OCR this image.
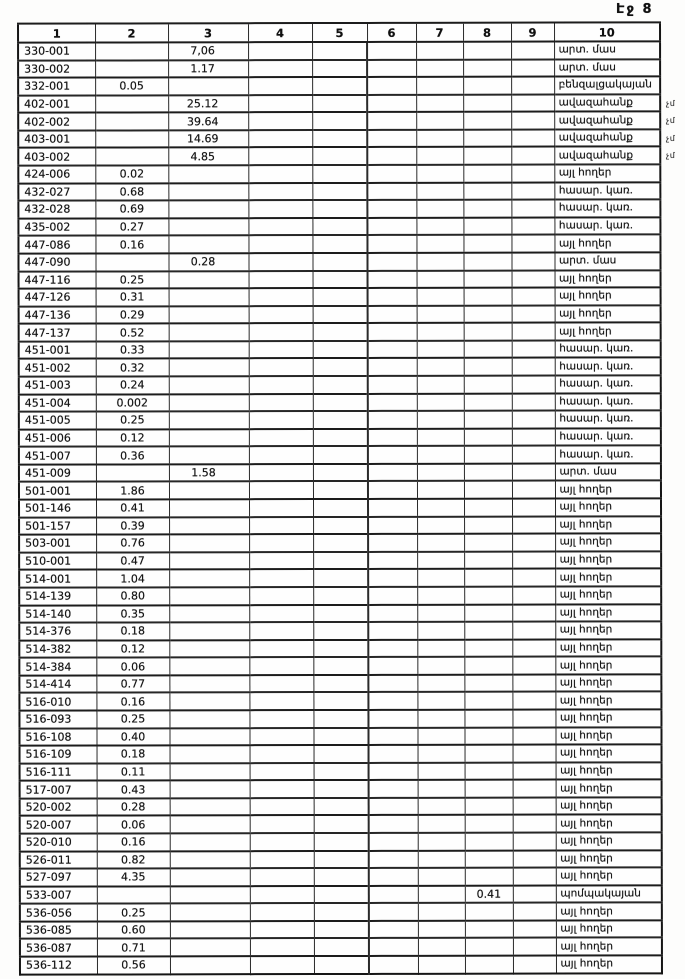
Էջ 8
1	2	3	4	5	6	7	8	9	10
330-001		7,06							արտ. մաս
330-002		1.17							արտ. մաս
332-001	0.05								բենզալցակայան
402-001		25.12							ավազահանք
402-002		39.64							ավազահանք
403-001		14.69							ավազահանք
403-002		4.85							ավազահանք
424-006	0.02								այլ հողեր
432-027	0.68								հասար. կառ.
432-028	0.69								հասար. կառ.
435-002	0.27								հասար. կառ.
447-086	0.16								այլ հողեր
447-090		0.28							արտ. մաս
447-116	0.25								այլ հողեր
447-126	0.31								այլ հողեր
447-136	0.29								այլ հողեր
447-137	0.52								այլ հողեր
451-001	0.33								հասար. կառ.
451-002	0.32								հասար. կառ.
451-003	0.24								հասար. կառ.
451-004	0.002								հասար. կառ.
451-005	0.25								հասար. կառ.
451-006	0.12								հասար. կառ.
451-007	0.36								հասար. կառ.
451-009		1.58							արտ. մաս
501-001	1.86								այլ հողեր
501-146	0.41								այլ հողեր
501-157	0.39								այլ հողեր
503-001	0.76								այլ հողեր
510-001	0.47								այլ հողեր
514-001	1.04								այլ հողեր
514-139	0.80								այլ հողեր
514-140	0.35								այլ հողեր
514-376	0.18								այլ հողեր
514-382	0.12								այլ հողեր
514-384	0.06								այլ հողեր
514-414	0.77								այլ հողեր
516-010	0.16								այլ հողեր
516-093	0.25								այլ հողեր
516-108	0.40								այլ հողեր
516-109	0.18								այլ հողեր
516-111	0.11								այլ հողեր
517-007	0.43								այլ հողեր
520-002	0.28								այլ հողեր
520-007	0.06								այլ հողեր
520-010	0.16								այլ հողեր
526-011	0.82								այլ հողեր
527-097	4.35								այլ հողեր
533-007							0.41		պոմպակայան
536-056	0.25								այլ հողեր
536-085	0.60								այլ հողեր
536-087	0.71								այլ հողեր
536-112	0.56								այլ հողեր
չմ
չմ
չմ
չմ
